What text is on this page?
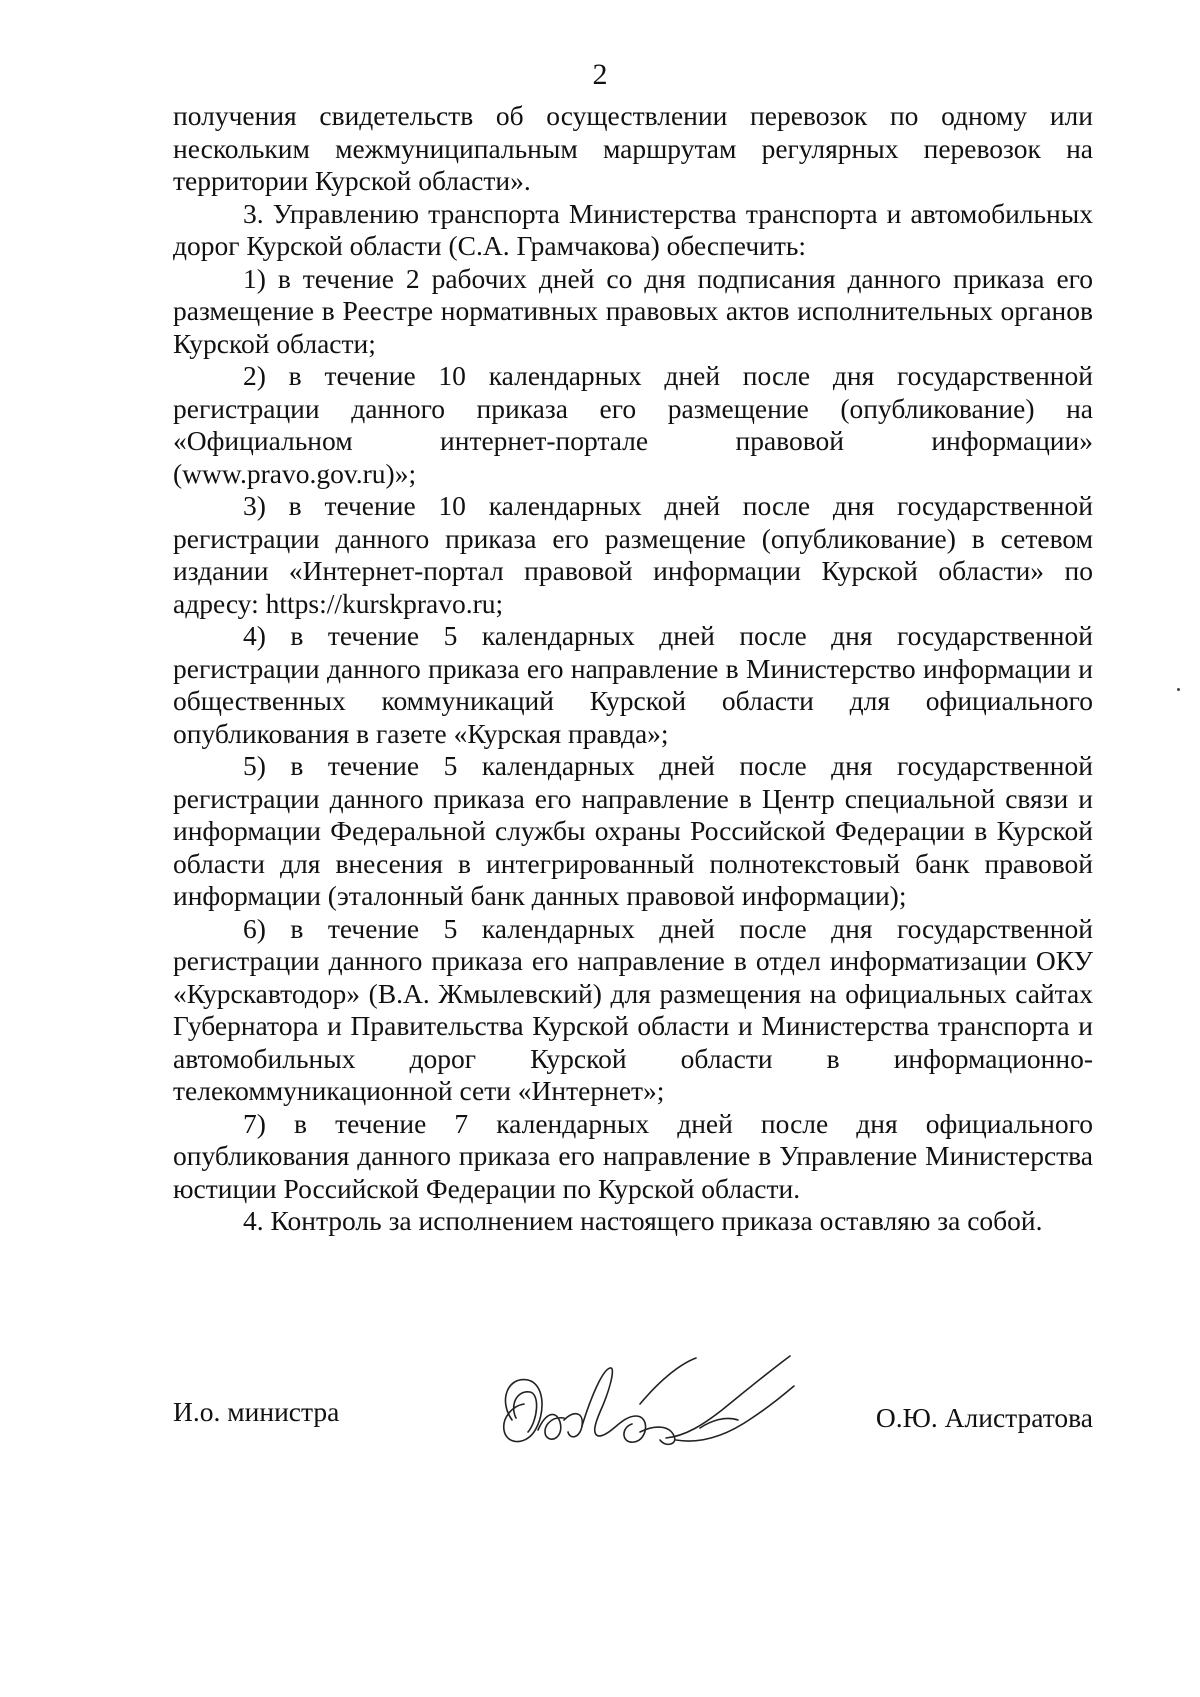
2

получения свидетельств об осуществлении перевозок по одному или нескольким межмуниципальным маршрутам регулярных перевозок на территории Курской области».

3. Управлению транспорта Министерства транспорта и автомобильных дорог Курской области (С.А. Грамчакова) обеспечить:

1) в течение 2 рабочих дней со дня подписания данного приказа его размещение в Реестре нормативных правовых актов исполнительных органов Курской области;

2) в течение 10 календарных дней после дня государственной регистрации данного приказа его размещение (опубликование) на «Официальном интернет-портале правовой информации» (www.pravo.gov.ru)»;

3) в течение 10 календарных дней после дня государственной регистрации данного приказа его размещение (опубликование) в сетевом издании «Интернет-портал правовой информации Курской области» по адресу: https://kurskpravo.ru;

4) в течение 5 календарных дней после дня государственной регистрации данного приказа его направление в Министерство информации и общественных коммуникаций Курской области для официального опубликования в газете «Курская правда»;

5) в течение 5 календарных дней после дня государственной регистрации данного приказа его направление в Центр специальной связи и информации Федеральной службы охраны Российской Федерации в Курской области для внесения в интегрированный полнотекстовый банк правовой информации (эталонный банк данных правовой информации);

6) в течение 5 календарных дней после дня государственной регистрации данного приказа его направление в отдел информатизации ОКУ «Курскавтодор» (В.А. Жмылевский) для размещения на официальных сайтах Губернатора и Правительства Курской области и Министерства транспорта и автомобильных дорог Курской области в информационно-телекоммуникационной сети «Интернет»;

7) в течение 7 календарных дней после дня официального опубликования данного приказа его направление в Управление Министерства юстиции Российской Федерации по Курской области.

4. Контроль за исполнением настоящего приказа оставляю за собой.

И.о. министра	О.Ю. Алистратова
